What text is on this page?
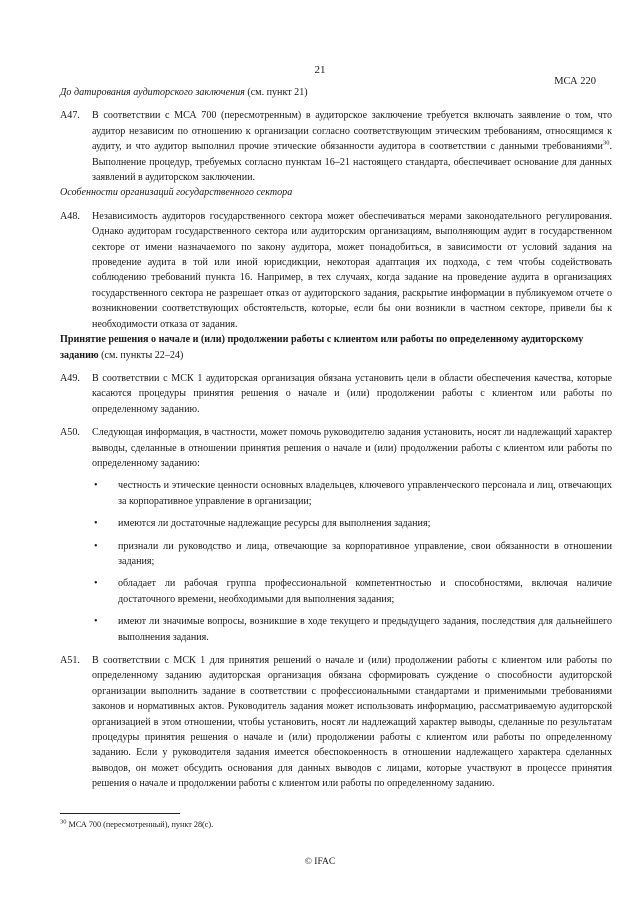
21
МСА 220

До датирования аудиторского заключения (см. пункт 21)

A47.	В соответствии с МСА 700 (пересмотренным) в аудиторское заключение требуется включать заявление о том, что аудитор независим по отношению к организации согласно соответствующим этическим требованиям, относящимся к аудиту, и что аудитор выполнил прочие этические обязанности аудитора в соответствии с данными требованиями$^{30}$. Выполнение процедур, требуемых согласно пунктам 16–21 настоящего стандарта, обеспечивает основание для данных заявлений в аудиторском заключении.

Особенности организаций государственного сектора

A48.	Независимость аудиторов государственного сектора может обеспечиваться мерами законодательного регулирования. Однако аудиторам государственного сектора или аудиторским организациям, выполняющим аудит в государственном секторе от имени назначаемого по закону аудитора, может понадобиться, в зависимости от условий задания на проведение аудита в той или иной юрисдикции, некоторая адаптация их подхода, с тем чтобы содействовать соблюдению требований пункта 16. Например, в тех случаях, когда задание на проведение аудита в организациях государственного сектора не разрешает отказ от аудиторского задания, раскрытие информации в публикуемом отчете о возникновении соответствующих обстоятельств, которые, если бы они возникли в частном секторе, привели бы к необходимости отказа от задания.

Принятие решения о начале и (или) продолжении работы с клиентом или работы по определенному аудиторскому заданию (см. пункты 22–24)

A49.	В соответствии с МСК 1 аудиторская организация обязана установить цели в области обеспечения качества, которые касаются процедуры принятия решения о начале и (или) продолжении работы с клиентом или работы по определенному заданию.
A50.	Следующая информация, в частности, может помочь руководителю задания установить, носят ли надлежащий характер выводы, сделанные в отношении принятия решения о начале и (или) продолжении работы с клиентом или работы по определенному заданию:
•	честность и этические ценности основных владельцев, ключевого управленческого персонала и лиц, отвечающих за корпоративное управление в организации;
•	имеются ли достаточные надлежащие ресурсы для выполнения задания;
•	признали ли руководство и лица, отвечающие за корпоративное управление, свои обязанности в отношении задания;
•	обладает ли рабочая группа профессиональной компетентностью и способностями, включая наличие достаточного времени, необходимыми для выполнения задания;
•	имеют ли значимые вопросы, возникшие в ходе текущего и предыдущего задания, последствия для дальнейшего выполнения задания.
A51.	В соответствии с МСК 1 для принятия решений о начале и (или) продолжении работы с клиентом или работы по определенному заданию аудиторская организация обязана сформировать суждение о способности аудиторской организации выполнить задание в соответствии с профессиональными стандартами и применимыми требованиями законов и нормативных актов. Руководитель задания может использовать информацию, рассматриваемую аудиторской организацией в этом отношении, чтобы установить, носят ли надлежащий характер выводы, сделанные по результатам процедуры принятия решения о начале и (или) продолжении работы с клиентом или работы по определенному заданию. Если у руководителя задания имеется обеспокоенность в отношении надлежащего характера сделанных выводов, он может обсудить основания для данных выводов с лицами, которые участвуют в процессе принятия решения о начале и продолжении работы с клиентом или работы по определенному заданию.
$^{30}$ МСА 700 (пересмотренный), пункт 28(c).
© IFAC
